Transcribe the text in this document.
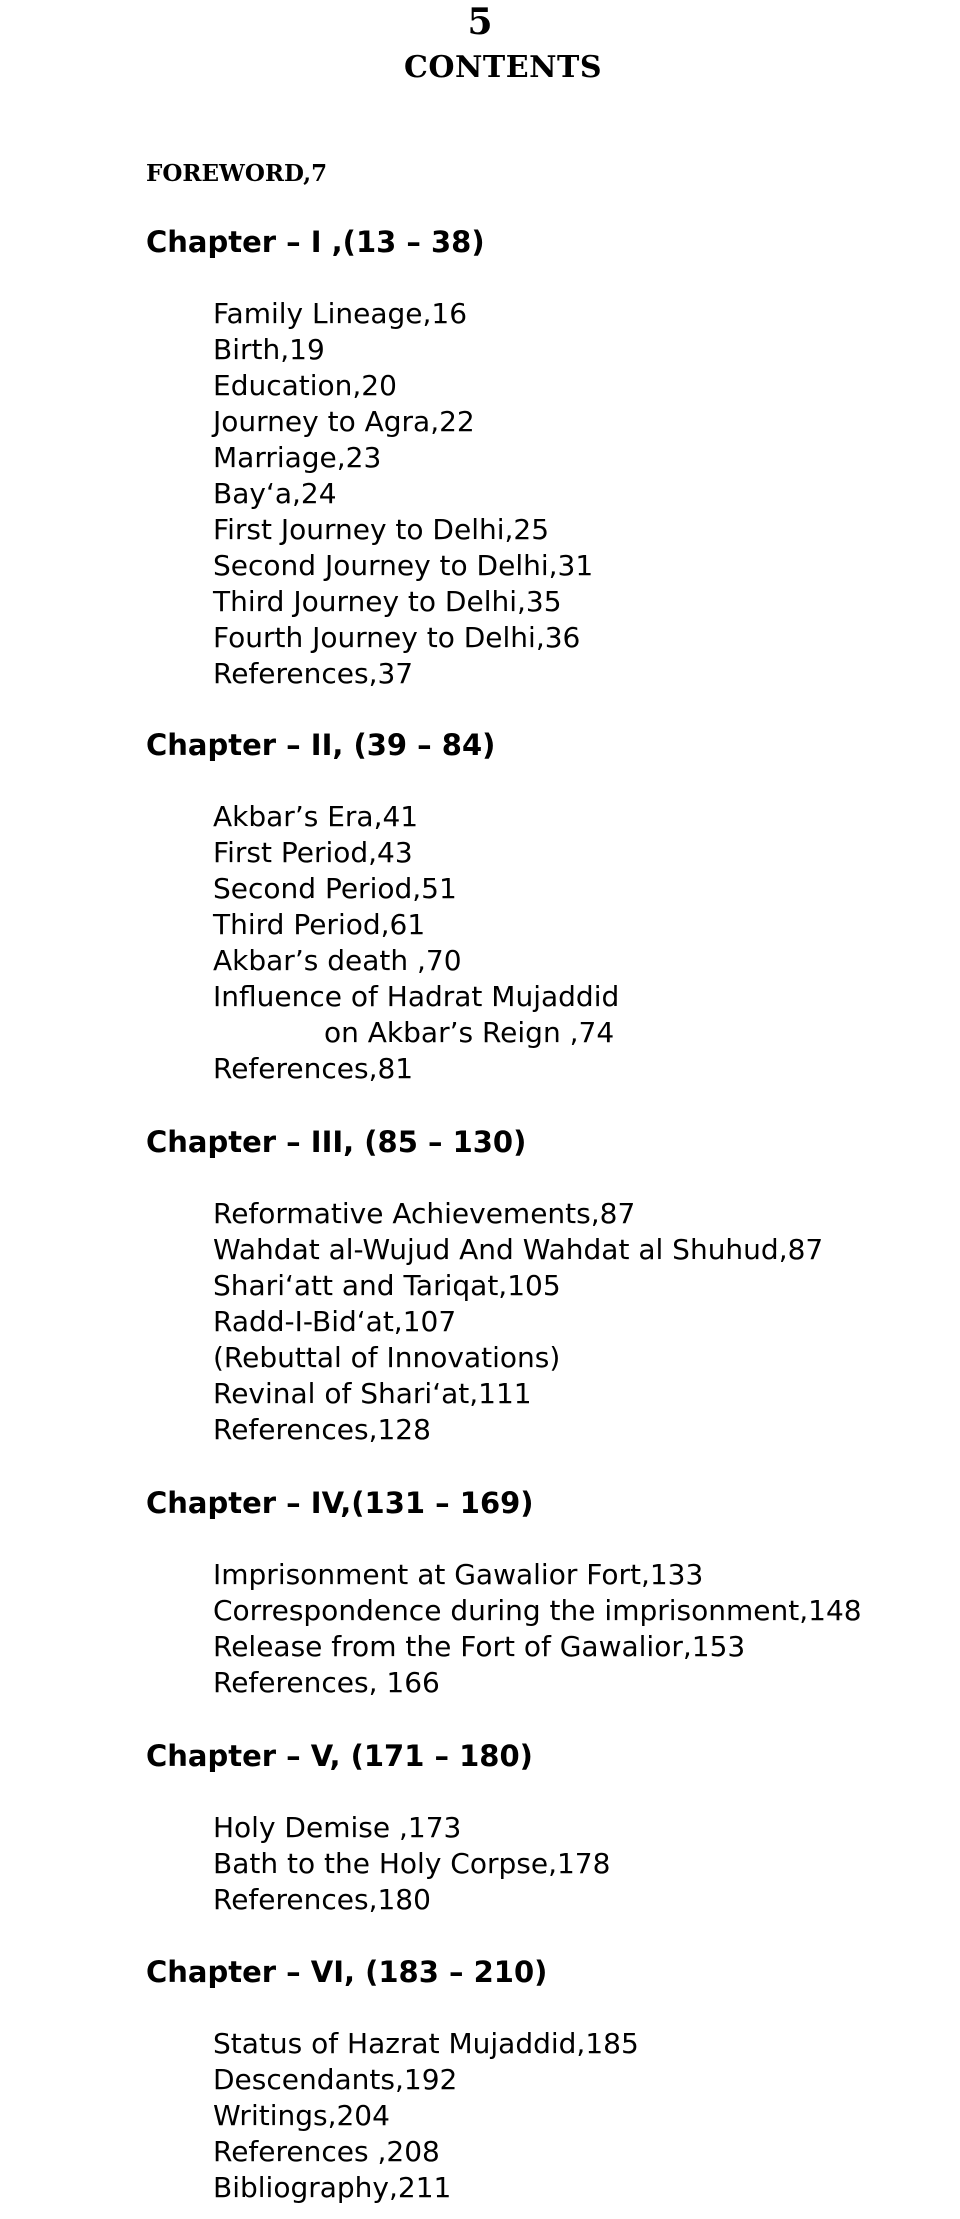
5
CONTENTS
FOREWORD,7
Chapter – I ,(13 – 38)
Family Lineage,16
Birth,19
Education,20
Journey to Agra,22
Marriage,23
Bay‘a,24
First Journey to Delhi,25
Second Journey to Delhi,31
Third Journey to Delhi,35
Fourth Journey to Delhi,36
References,37
Chapter – II, (39 – 84)
Akbar’s Era,41
First Period,43
Second Period,51
Third Period,61
Akbar’s death ,70
Influence of Hadrat Mujaddid
on Akbar’s Reign ,74
References,81
Chapter – III, (85 – 130)
Reformative Achievements,87
Wahdat al-Wujud And Wahdat al Shuhud,87
Shari‘att and Tariqat,105
Radd-I-Bid‘at,107
(Rebuttal of Innovations)
Revinal of Shari‘at,111
References,128
Chapter – IV,(131 – 169)
Imprisonment at Gawalior Fort,133
Correspondence during the imprisonment,148
Release from the Fort of Gawalior,153
References, 166
Chapter – V, (171 – 180)
Holy Demise ,173
Bath to the Holy Corpse,178
References,180
Chapter – VI, (183 – 210)
Status of Hazrat Mujaddid,185
Descendants,192
Writings,204
References ,208
Bibliography,211
